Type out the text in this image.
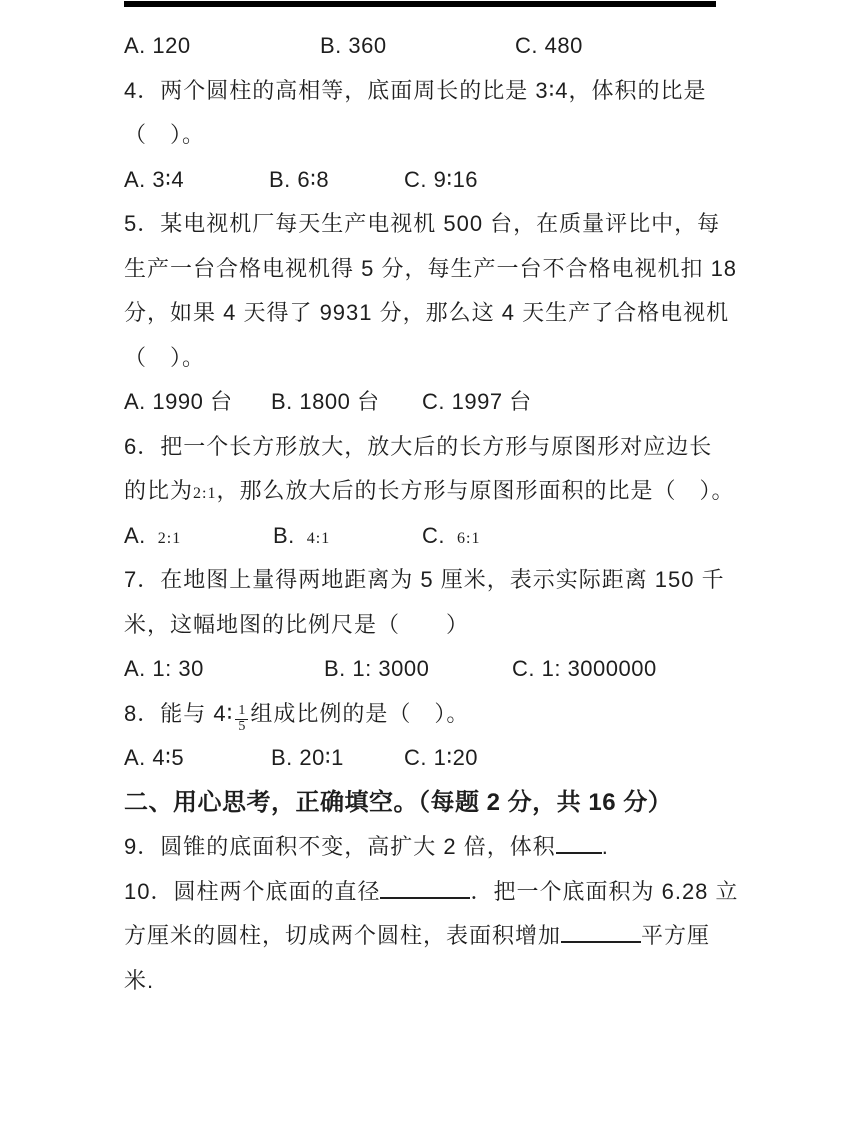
A. 120

	B. 360

	C. 480

4．两个圆柱的高相等，底面周长的比是 3∶4，体积的比是
（　）。

A. 3∶4

	B. 6∶8

	C. 9∶16

5．某电视机厂每天生产电视机 500 台，在质量评比中，每
生产一台合格电视机得 5 分，每生产一台不合格电视机扣 18
分，如果 4 天得了 9931 分，那么这 4 天生产了合格电视机
（　）。

A. 1990 台

B. 1800 台

C. 1997 台

6．把一个长方形放大，放大后的长方形与原图形对应边长
的比为2:1，那么放大后的长方形与原图形面积的比是（　）。

A. 2:1

	B. 4:1

	C. 6:1

7．在地图上量得两地距离为 5 厘米，表示实际距离 150 千
米，这幅地图的比例尺是（　　）

A. 1: 30

	B. 1: 3000

	C. 1: 3000000

8．能与 4∶ $\frac{1}{5}$ 组成比例的是（　）。

A. 4∶5

	B. 20∶1

	C. 1∶20

二、用心思考，正确填空。（每题 2 分，共 16 分）
9．圆锥的底面积不变，高扩大 2 倍，体积 .
10．圆柱两个底面的直径	．把一个底面积为 6.28 立
方厘米的圆柱，切成两个圆柱，表面积增加	平方厘
米.
